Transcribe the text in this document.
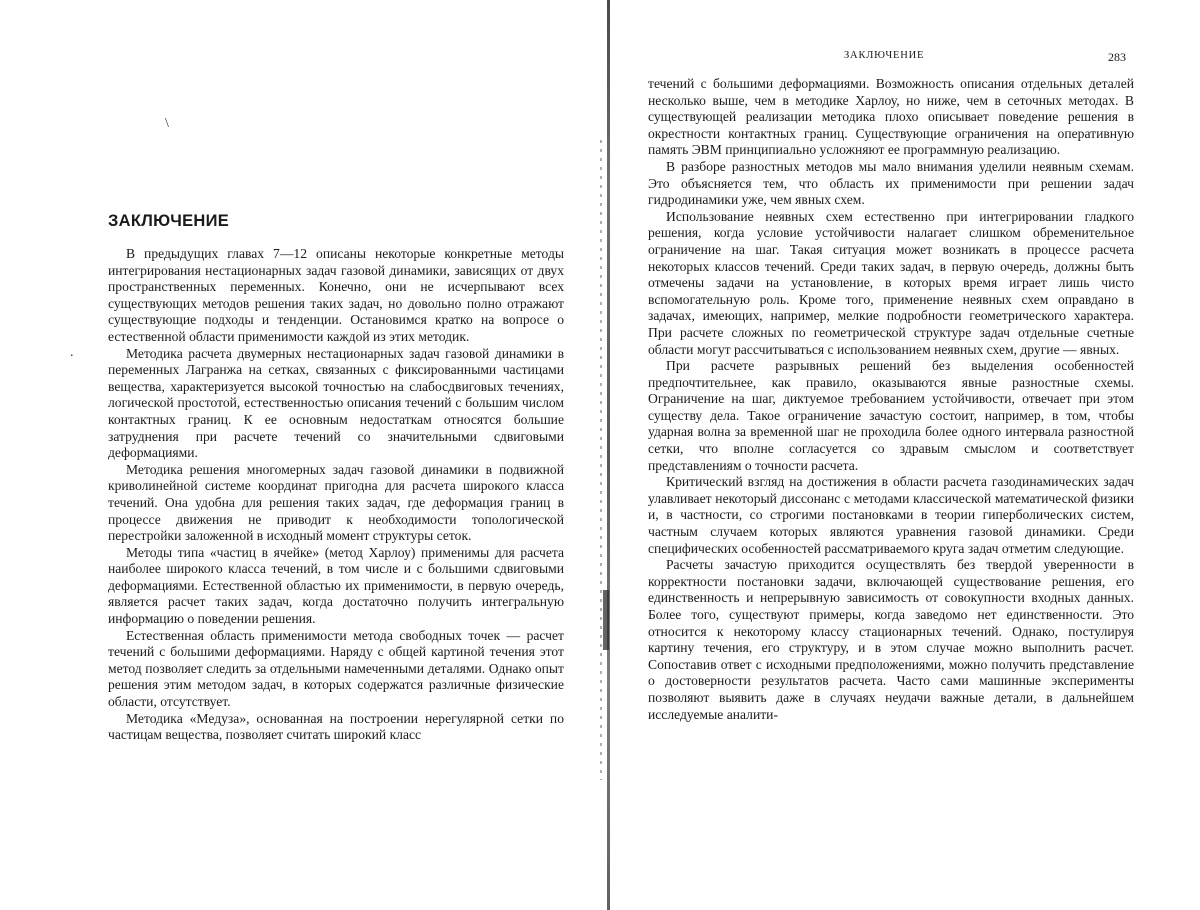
\
.
ЗАКЛЮЧЕНИЕ

В предыдущих главах 7—12 описаны некоторые конкретные методы интегрирования нестационарных задач газовой динамики, зависящих от двух пространственных переменных. Конечно, они не исчерпывают всех существующих методов решения таких задач, но довольно полно отражают существующие подходы и тенденции. Остановимся кратко на вопросе о естественной области применимости каждой из этих методик.

Методика расчета двумерных нестационарных задач газовой динамики в переменных Лагранжа на сетках, связанных с фиксированными частицами вещества, характеризуется высокой точностью на слабосдвиговых течениях, логической простотой, естественностью описания течений с большим числом контактных границ. К ее основным недостаткам относятся большие затруднения при расчете течений со значительными сдвиговыми деформациями.

Методика решения многомерных задач газовой динамики в подвижной криволинейной системе координат пригодна для расчета широкого класса течений. Она удобна для решения таких задач, где деформация границ в процессе движения не приводит к необходимости топологической перестройки заложенной в исходный момент структуры сеток.

Методы типа «частиц в ячейке» (метод Харлоу) применимы для расчета наиболее широкого класса течений, в том числе и с большими сдвиговыми деформациями. Естественной областью их применимости, в первую очередь, является расчет таких задач, когда достаточно получить интегральную информацию о поведении решения.

Естественная область применимости метода свободных точек — расчет течений с большими деформациями. Наряду с общей картиной течения этот метод позволяет следить за отдельными намеченными деталями. Однако опыт решения этим методом задач, в которых содержатся различные физические области, отсутствует.

Методика «Медуза», основанная на построении нерегулярной сетки по частицам вещества, позволяет считать широкий класс

ЗАКЛЮЧЕНИЕ	283

течений с большими деформациями. Возможность описания отдельных деталей несколько выше, чем в методике Харлоу, но ниже, чем в сеточных методах. В существующей реализации методика плохо описывает поведение решения в окрестности контактных границ. Существующие ограничения на оперативную память ЭВМ принципиально усложняют ее программную реализацию.

В разборе разностных методов мы мало внимания уделили неявным схемам. Это объясняется тем, что область их применимости при решении задач гидродинамики уже, чем явных схем.

Использование неявных схем естественно при интегрировании гладкого решения, когда условие устойчивости налагает слишком обременительное ограничение на шаг. Такая ситуация может возникать в процессе расчета некоторых классов течений. Среди таких задач, в первую очередь, должны быть отмечены задачи на установление, в которых время играет лишь чисто вспомогательную роль. Кроме того, применение неявных схем оправдано в задачах, имеющих, например, мелкие подробности геометрического характера. При расчете сложных по геометрической структуре задач отдельные счетные области могут рассчитываться с использованием неявных схем, другие — явных.

При расчете разрывных решений без выделения особенностей предпочтительнее, как правило, оказываются явные разностные схемы. Ограничение на шаг, диктуемое требованием устойчивости, отвечает при этом существу дела. Такое ограничение зачастую состоит, например, в том, чтобы ударная волна за временной шаг не проходила более одного интервала разностной сетки, что вполне согласуется со здравым смыслом и соответствует представлениям о точности расчета.

Критический взгляд на достижения в области расчета газодинамических задач улавливает некоторый диссонанс с методами классической математической физики и, в частности, со строгими постановками в теории гиперболических систем, частным случаем которых являются уравнения газовой динамики. Среди специфических особенностей рассматриваемого круга задач отметим следующие.

Расчеты зачастую приходится осуществлять без твердой уверенности в корректности постановки задачи, включающей существование решения, его единственность и непрерывную зависимость от совокупности входных данных. Более того, существуют примеры, когда заведомо нет единственности. Это относится к некоторому классу стационарных течений. Однако, постулируя картину течения, его структуру, и в этом случае можно выполнить расчет. Сопоставив ответ с исходными предположениями, можно получить представление о достоверности результатов расчета. Часто сами машинные эксперименты позволяют выявить даже в случаях неудачи важные детали, в дальнейшем исследуемые аналити-
